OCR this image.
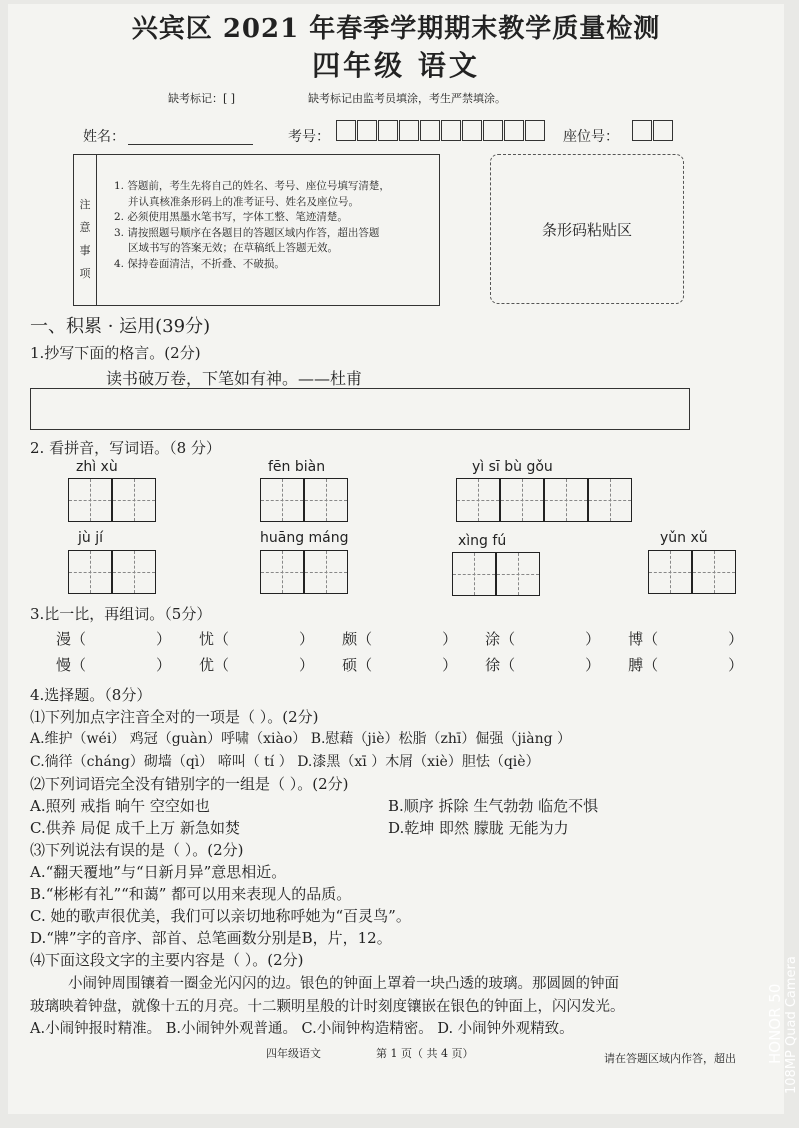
兴宾区 2021 年春季学期期末教学质量检测
四年级 语文
缺考标记：[ ]	缺考标记由监考员填涂，考生严禁填涂。
姓名：	考号：	座位号：
注
意
事
项
1. 答题前，考生先将自己的姓名、考号、座位号填写清楚，
并认真核准条形码上的准考证号、姓名及座位号。
2. 必须使用黑墨水笔书写，字体工整、笔迹清楚。
3. 请按照题号顺序在各题目的答题区域内作答，超出答题
区域书写的答案无效；在草稿纸上答题无效。
4. 保持卷面清洁，不折叠、不破损。
条形码粘贴区
一、积累 · 运用(39分)
1.抄写下面的格言。(2分)
读书破万卷，下笔如有神。——杜甫
2. 看拼音，写词语。（8 分）
zhì xù	fēn biàn	yì sī bù gǒu
jù jí	huāng máng	xìng fú	yǔn xǔ
3.比一比，再组词。（5分）
漫（	） 忧（	） 颇（	） 涂（	） 博（	）
慢（	） 优（	） 硕（	） 徐（	） 膊（	）
4.选择题。（8分）
⑴下列加点字注音全对的一项是（ ）。(2分)
A.维护（wéi） 鸡冠（guàn）呼啸（xiào） B.慰藉（jiè）松脂（zhī）倔强（jiàng ）
C.徜徉（cháng）砌墙（qì） 啼叫（ tí ） D.漆黑（xī ）木屑（xiè）胆怯（qiè）
⑵下列词语完全没有错别字的一组是（ ）。(2分)
A.照列 戒指 晌午 空空如也	B.顺序 拆除 生气勃勃 临危不惧
C.供养 局促 成千上万 新急如焚	D.乾坤 即然 朦胧 无能为力
⑶下列说法有误的是（ ）。(2分)
A.“翻天覆地”与“日新月异”意思相近。
B.“彬彬有礼”“和蔼” 都可以用来表现人的品质。
C. 她的歌声很优美，我们可以亲切地称呼她为“百灵鸟”。
D.“牌”字的音序、部首、总笔画数分别是B，片，12。
⑷下面这段文字的主要内容是（ ）。(2分)
小闹钟周围镶着一圈金光闪闪的边。银色的钟面上罩着一块凸透的玻璃。那圆圆的钟面
玻璃映着钟盘，就像十五的月亮。十二颗明星般的计时刻度镶嵌在银色的钟面上，闪闪发光。
A.小闹钟报时精准。 B.小闹钟外观普通。 C.小闹钟构造精密。 D. 小闹钟外观精致。
四年级语文	第 1 页（ 共 4 页）	请在答题区域内作答，超出 HONOR 50 108MP Quad Camera
